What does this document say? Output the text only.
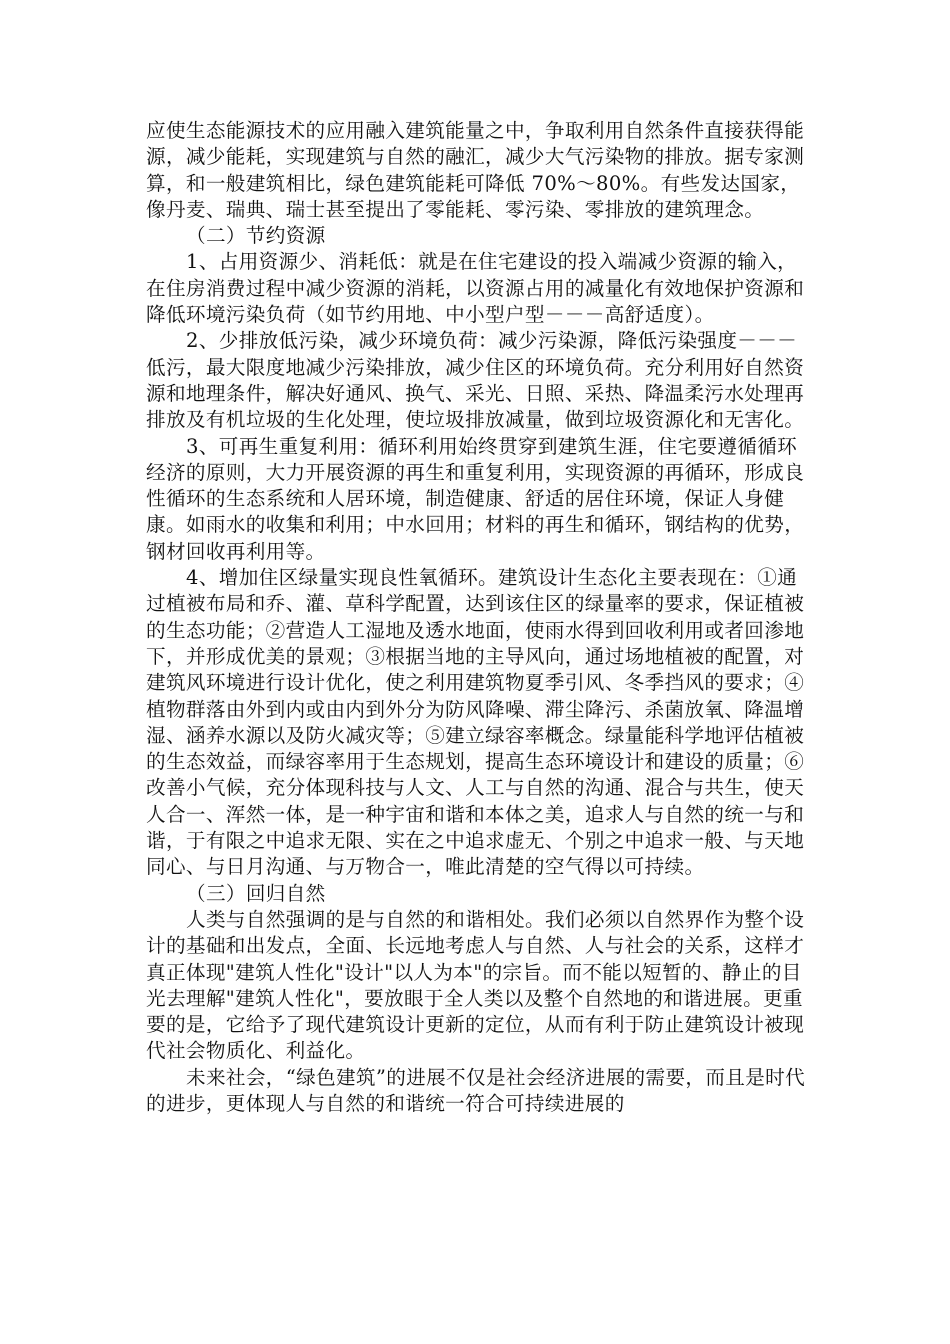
应使生态能源技术的应用融入建筑能量之中，争取利用自然条件直接获得能源，减少能耗，实现建筑与自然的融汇，减少大气污染物的排放。据专家测算，和一般建筑相比，绿色建筑能耗可降低 70%～80%。有些发达国家，像丹麦、瑞典、瑞士甚至提出了零能耗、零污染、零排放的建筑理念。

（二）节约资源

1、占用资源少、消耗低：就是在住宅建设的投入端减少资源的输入，在住房消费过程中减少资源的消耗，以资源占用的减量化有效地保护资源和降低环境污染负荷（如节约用地、中小型户型－－－高舒适度）。

2、少排放低污染，减少环境负荷：减少污染源，降低污染强度－－－低污，最大限度地减少污染排放，减少住区的环境负荷。充分利用好自然资源和地理条件，解决好通风、换气、采光、日照、采热、降温柔污水处理再排放及有机垃圾的生化处理，使垃圾排放减量，做到垃圾资源化和无害化。

3、可再生重复利用：循环利用始终贯穿到建筑生涯，住宅要遵循循环经济的原则，大力开展资源的再生和重复利用，实现资源的再循环，形成良性循环的生态系统和人居环境，制造健康、舒适的居住环境，保证人身健康。如雨水的收集和利用；中水回用；材料的再生和循环，钢结构的优势，钢材回收再利用等。

4、增加住区绿量实现良性氧循环。建筑设计生态化主要表现在：①通过植被布局和乔、灌、草科学配置，达到该住区的绿量率的要求，保证植被的生态功能；②营造人工湿地及透水地面，使雨水得到回收利用或者回渗地下，并形成优美的景观；③根据当地的主导风向，通过场地植被的配置，对建筑风环境进行设计优化，使之利用建筑物夏季引风、冬季挡风的要求；④植物群落由外到内或由内到外分为防风降噪、滞尘降污、杀菌放氧、降温增湿、涵养水源以及防火减灾等；⑤建立绿容率概念。绿量能科学地评估植被的生态效益，而绿容率用于生态规划，提高生态环境设计和建设的质量；⑥改善小气候，充分体现科技与人文、人工与自然的沟通、混合与共生，使天人合一、浑然一体，是一种宇宙和谐和本体之美，追求人与自然的统一与和谐，于有限之中追求无限、实在之中追求虚无、个别之中追求一般、与天地同心、与日月沟通、与万物合一，唯此清楚的空气得以可持续。

（三）回归自然

人类与自然强调的是与自然的和谐相处。我们必须以自然界作为整个设计的基础和出发点，全面、长远地考虑人与自然、人与社会的关系，这样才真正体现"建筑人性化"设计"以人为本"的宗旨。而不能以短暂的、静止的目光去理解"建筑人性化"，要放眼于全人类以及整个自然地的和谐进展。更重要的是，它给予了现代建筑设计更新的定位，从而有利于防止建筑设计被现代社会物质化、利益化。

未来社会，“绿色建筑”的进展不仅是社会经济进展的需要，而且是时代的进步，更体现人与自然的和谐统一符合可持续进展的
